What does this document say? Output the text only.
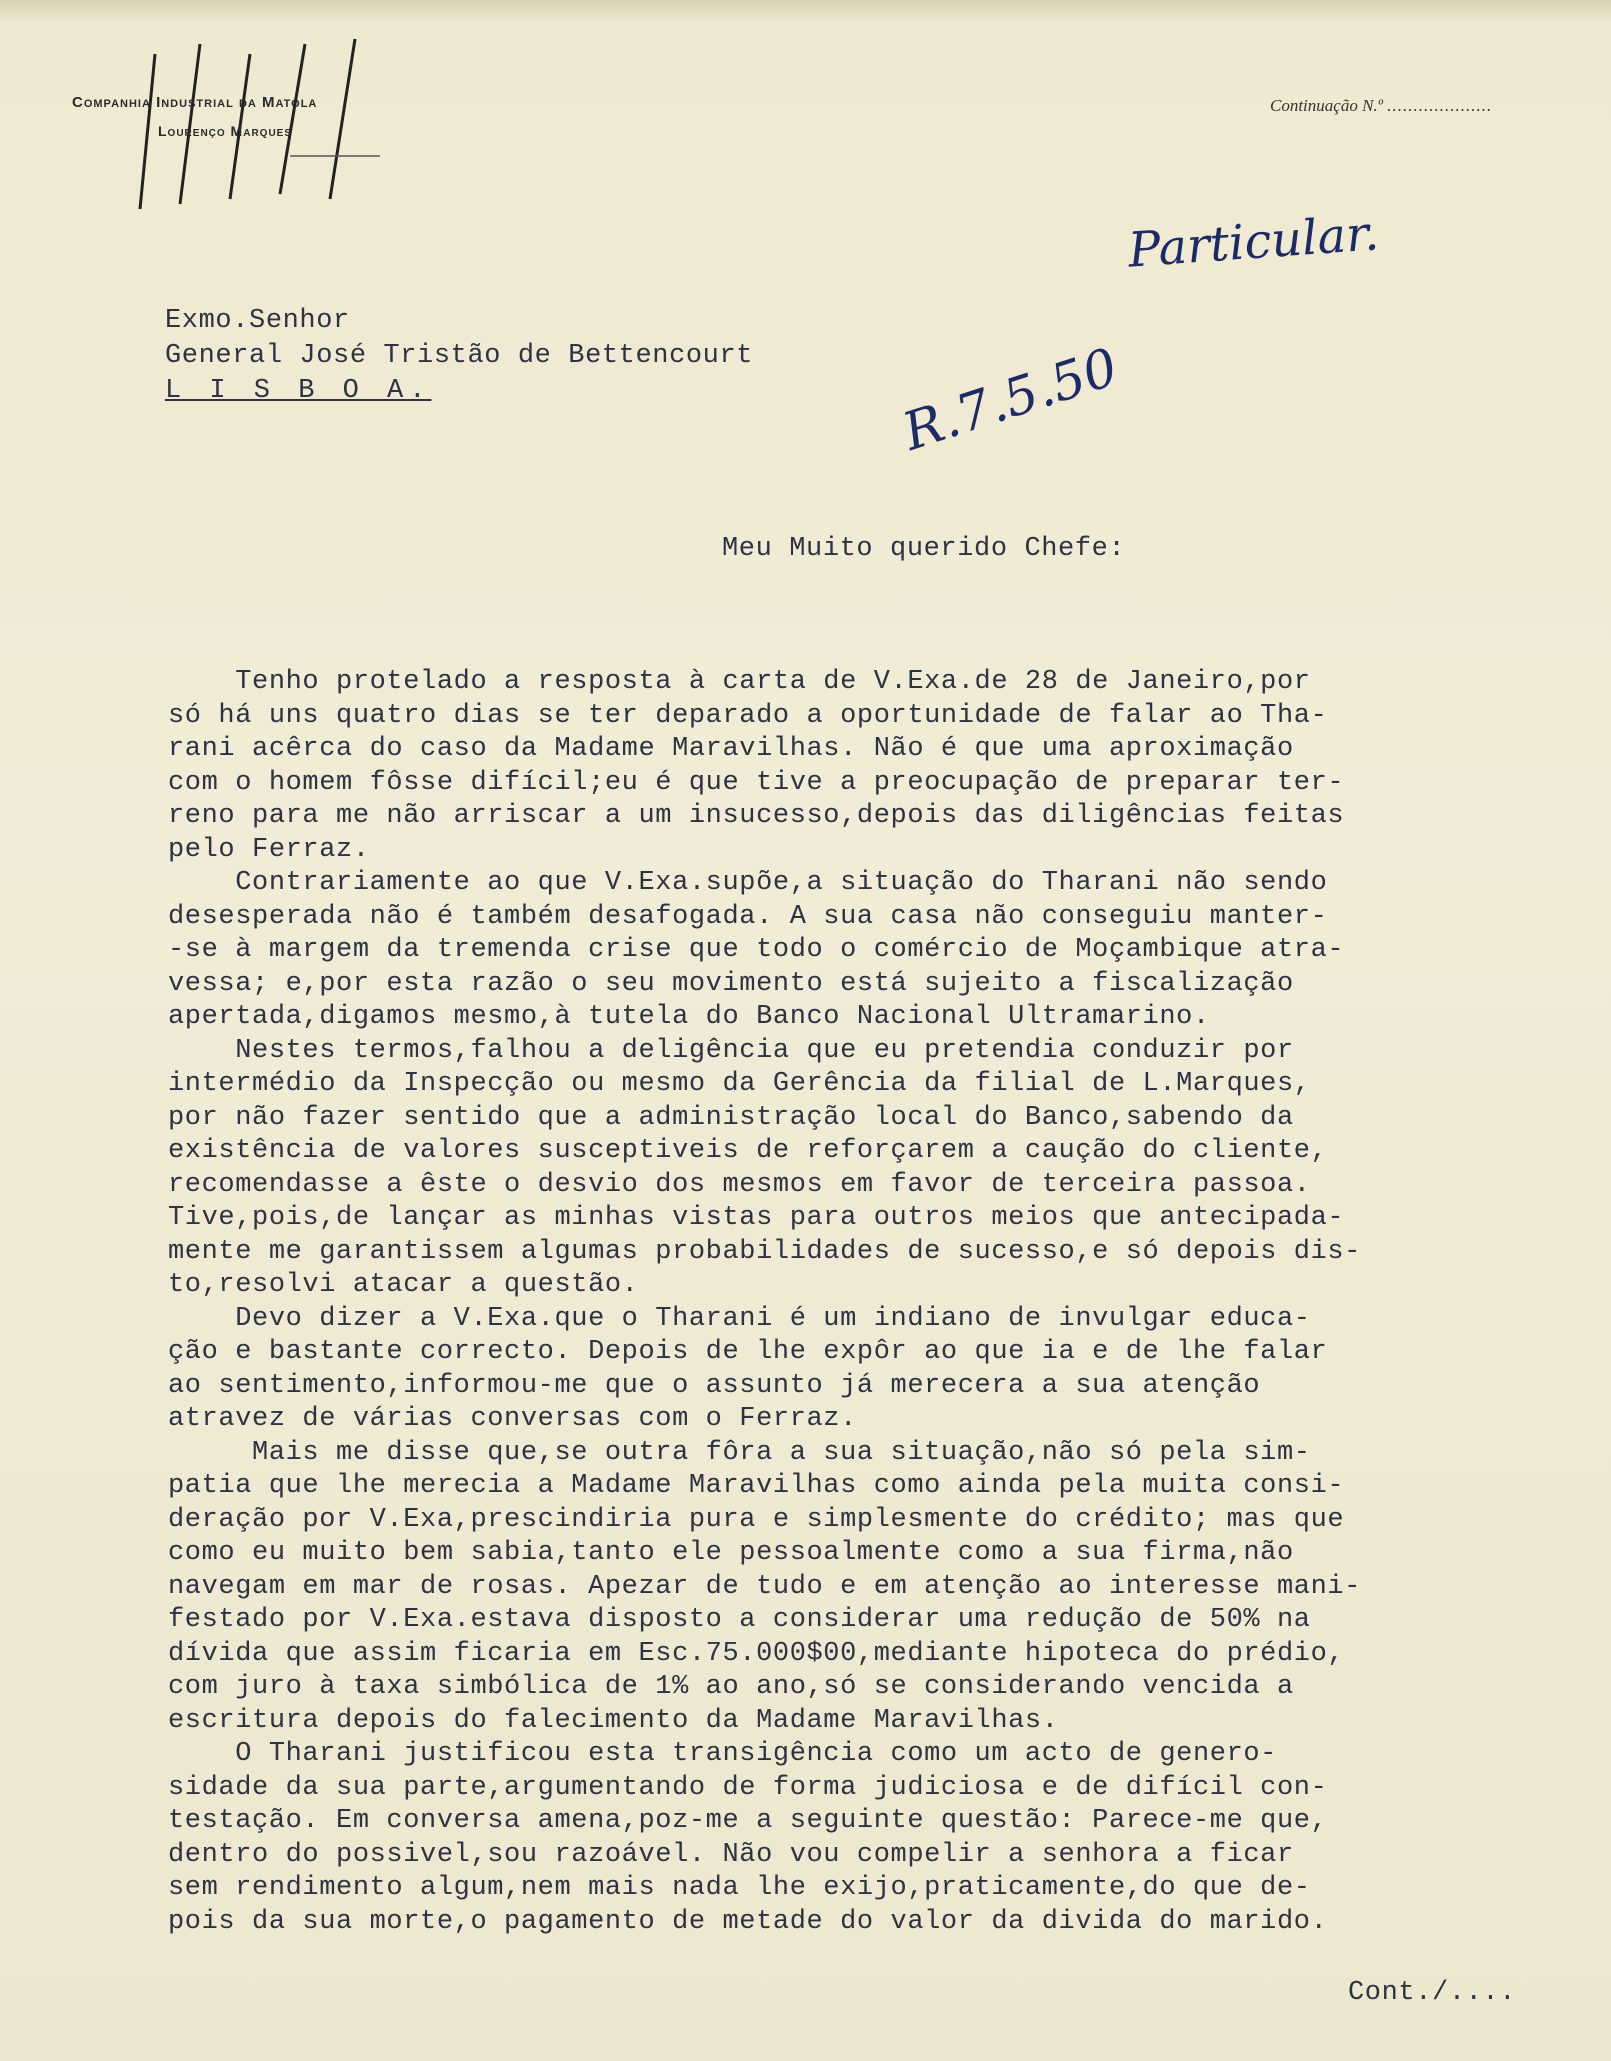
Companhia Industrial da Matola
Lourenço Marques
Continuação N.º ....................
Particular.
R.7.5.50
Exmo.Senhor
General José Tristão de Bettencourt
L I S B O A.
Meu Muito querido Chefe:
Tenho protelado a resposta à carta de V.Exa.de 28 de Janeiro,por
só há uns quatro dias se ter deparado a oportunidade de falar ao Tha-
rani acêrca do caso da Madame Maravilhas. Não é que uma aproximação
com o homem fôsse difícil;eu é que tive a preocupação de preparar ter-
reno para me não arriscar a um insucesso,depois das diligências feitas
pelo Ferraz.
Contrariamente ao que V.Exa.supõe,a situação do Tharani não sendo
desesperada não é também desafogada. A sua casa não conseguiu manter-
-se à margem da tremenda crise que todo o comércio de Moçambique atra-
vessa; e,por esta razão o seu movimento está sujeito a fiscalização
apertada,digamos mesmo,à tutela do Banco Nacional Ultramarino.
Nestes termos,falhou a deligência que eu pretendia conduzir por
intermédio da Inspecção ou mesmo da Gerência da filial de L.Marques,
por não fazer sentido que a administração local do Banco,sabendo da
existência de valores susceptiveis de reforçarem a caução do cliente,
recomendasse a êste o desvio dos mesmos em favor de terceira passoa.
Tive,pois,de lançar as minhas vistas para outros meios que antecipada-
mente me garantissem algumas probabilidades de sucesso,e só depois dis-
to,resolvi atacar a questão.
Devo dizer a V.Exa.que o Tharani é um indiano de invulgar educa-
ção e bastante correcto. Depois de lhe expôr ao que ia e de lhe falar
ao sentimento,informou-me que o assunto já merecera a sua atenção
atravez de várias conversas com o Ferraz.
Mais me disse que,se outra fôra a sua situação,não só pela sim-
patia que lhe merecia a Madame Maravilhas como ainda pela muita consi-
deração por V.Exa,prescindiria pura e simplesmente do crédito; mas que
como eu muito bem sabia,tanto ele pessoalmente como a sua firma,não
navegam em mar de rosas. Apezar de tudo e em atenção ao interesse mani-
festado por V.Exa.estava disposto a considerar uma redução de 50% na
dívida que assim ficaria em Esc.75.000$00,mediante hipoteca do prédio,
com juro à taxa simbólica de 1% ao ano,só se considerando vencida a
escritura depois do falecimento da Madame Maravilhas.
O Tharani justificou esta transigência como um acto de genero-
sidade da sua parte,argumentando de forma judiciosa e de difícil con-
testação. Em conversa amena,poz-me a seguinte questão: Parece-me que,
dentro do possivel,sou razoável. Não vou compelir a senhora a ficar
sem rendimento algum,nem mais nada lhe exijo,praticamente,do que de-
pois da sua morte,o pagamento de metade do valor da divida do marido.
Cont./....
